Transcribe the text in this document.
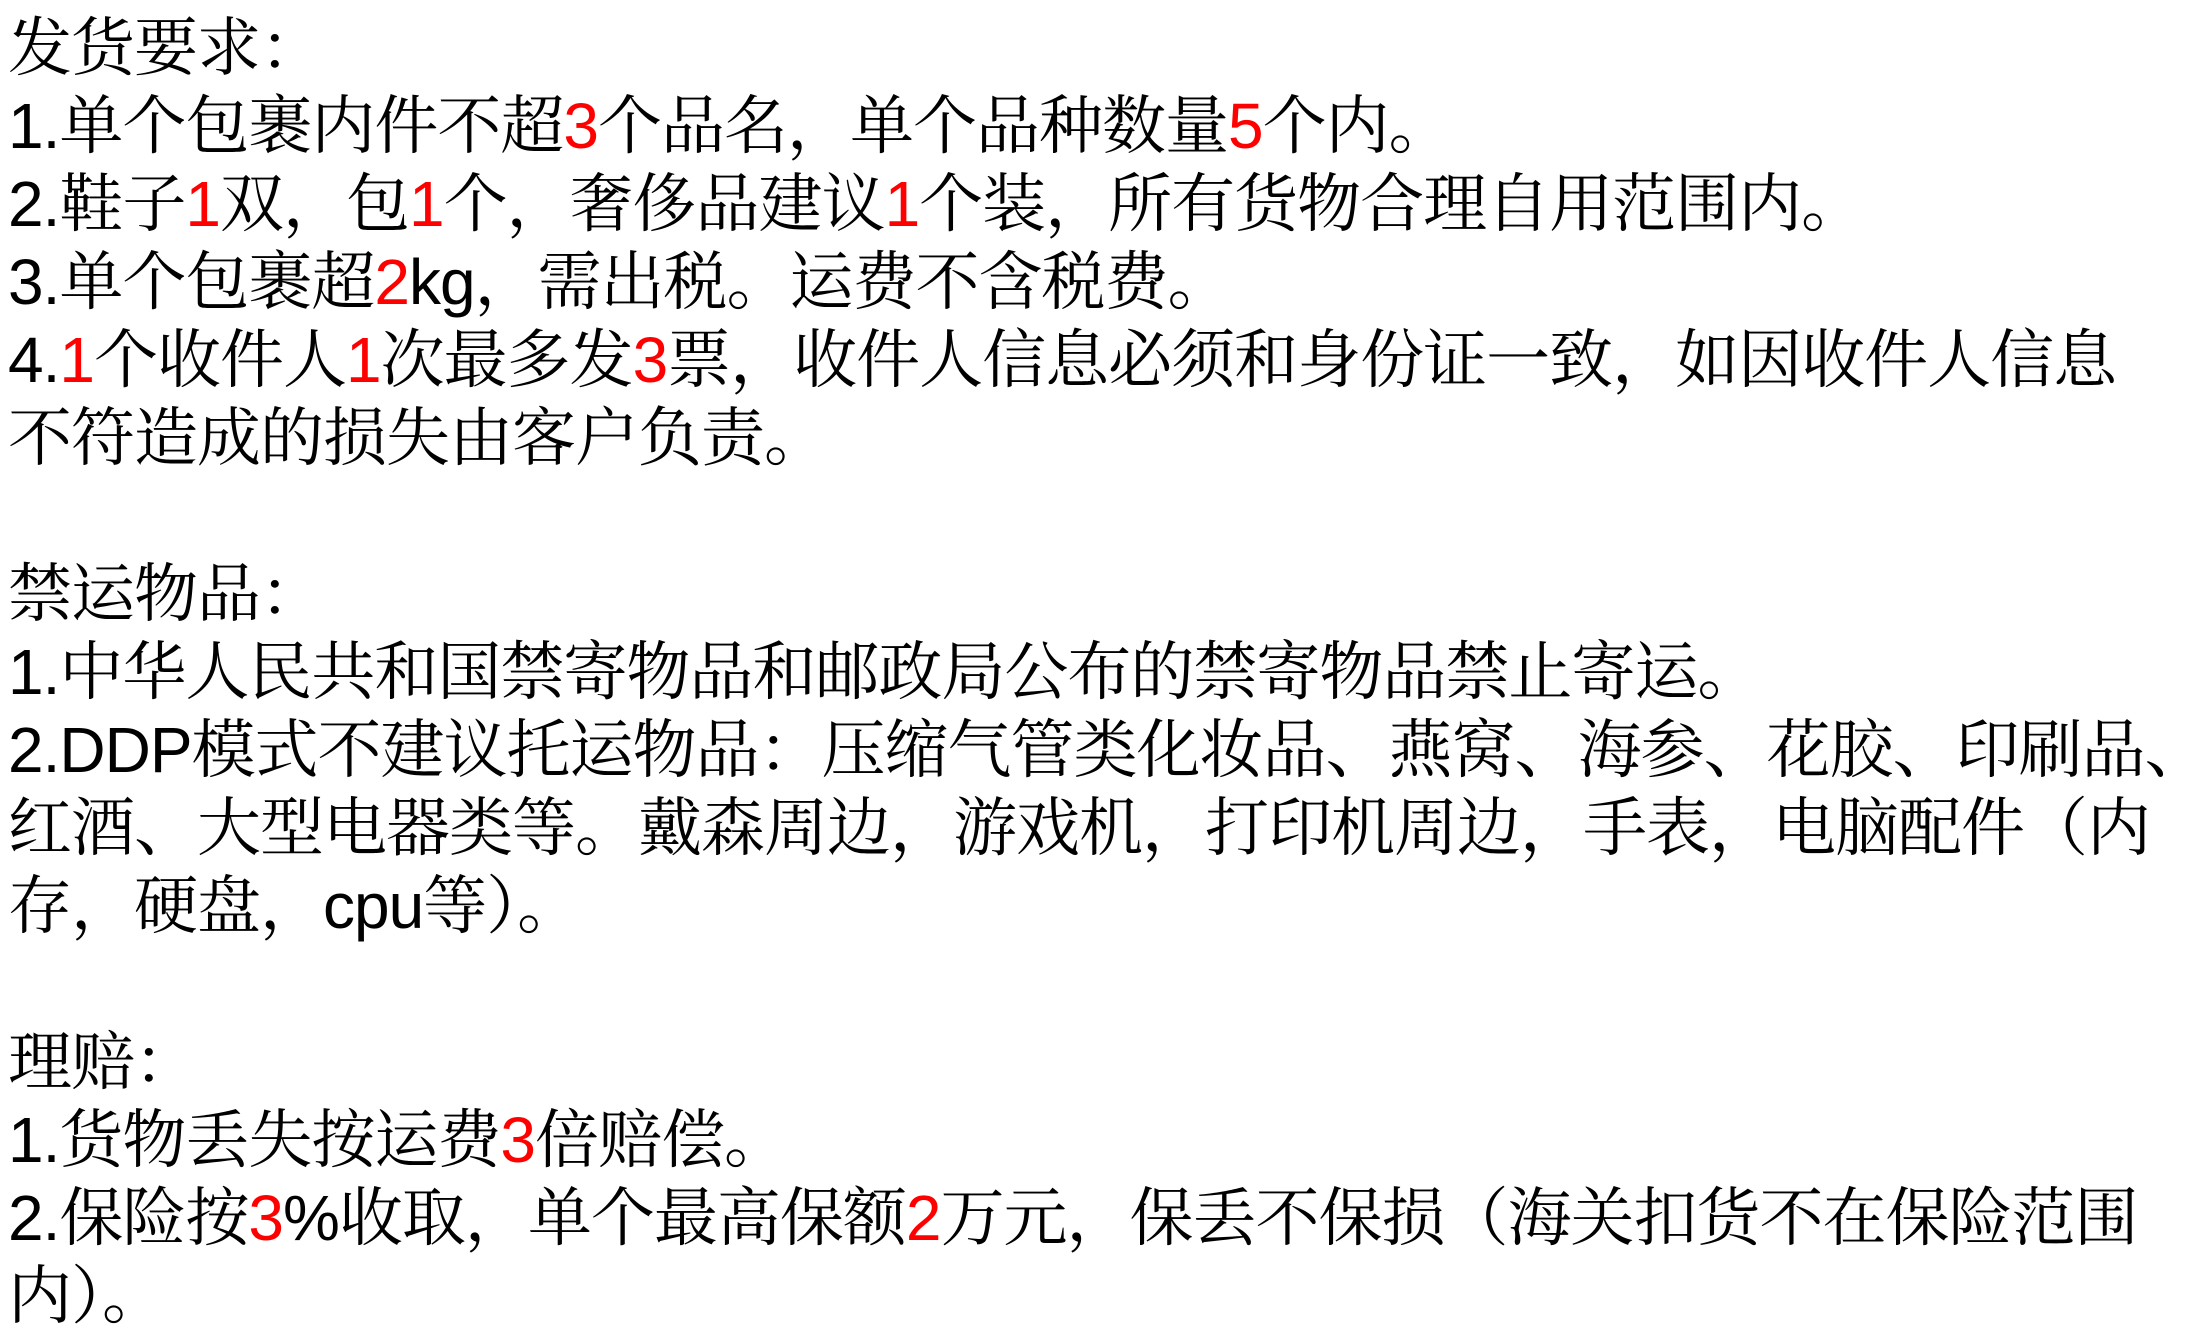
发货要求：
1.单个包裹内件不超3个品名，单个品种数量5个内。
2.鞋子1双，包1个，奢侈品建议1个装，所有货物合理自用范围内。
3.单个包裹超2kg，需出税。运费不含税费。
4.1个收件人1次最多发3票，收件人信息必须和身份证一致，如因收件人信息
不符造成的损失由客户负责。
禁运物品：
1.中华人民共和国禁寄物品和邮政局公布的禁寄物品禁止寄运。
2.DDP模式不建议托运物品：压缩气管类化妆品、燕窝、海参、花胶、印刷品、
红酒、大型电器类等。戴森周边，游戏机，打印机周边，手表，电脑配件（内
存，硬盘，cpu等）。
理赔：
1.货物丢失按运费3倍赔偿。
2.保险按3%收取，单个最高保额2万元，保丢不保损（海关扣货不在保险范围
内）。
